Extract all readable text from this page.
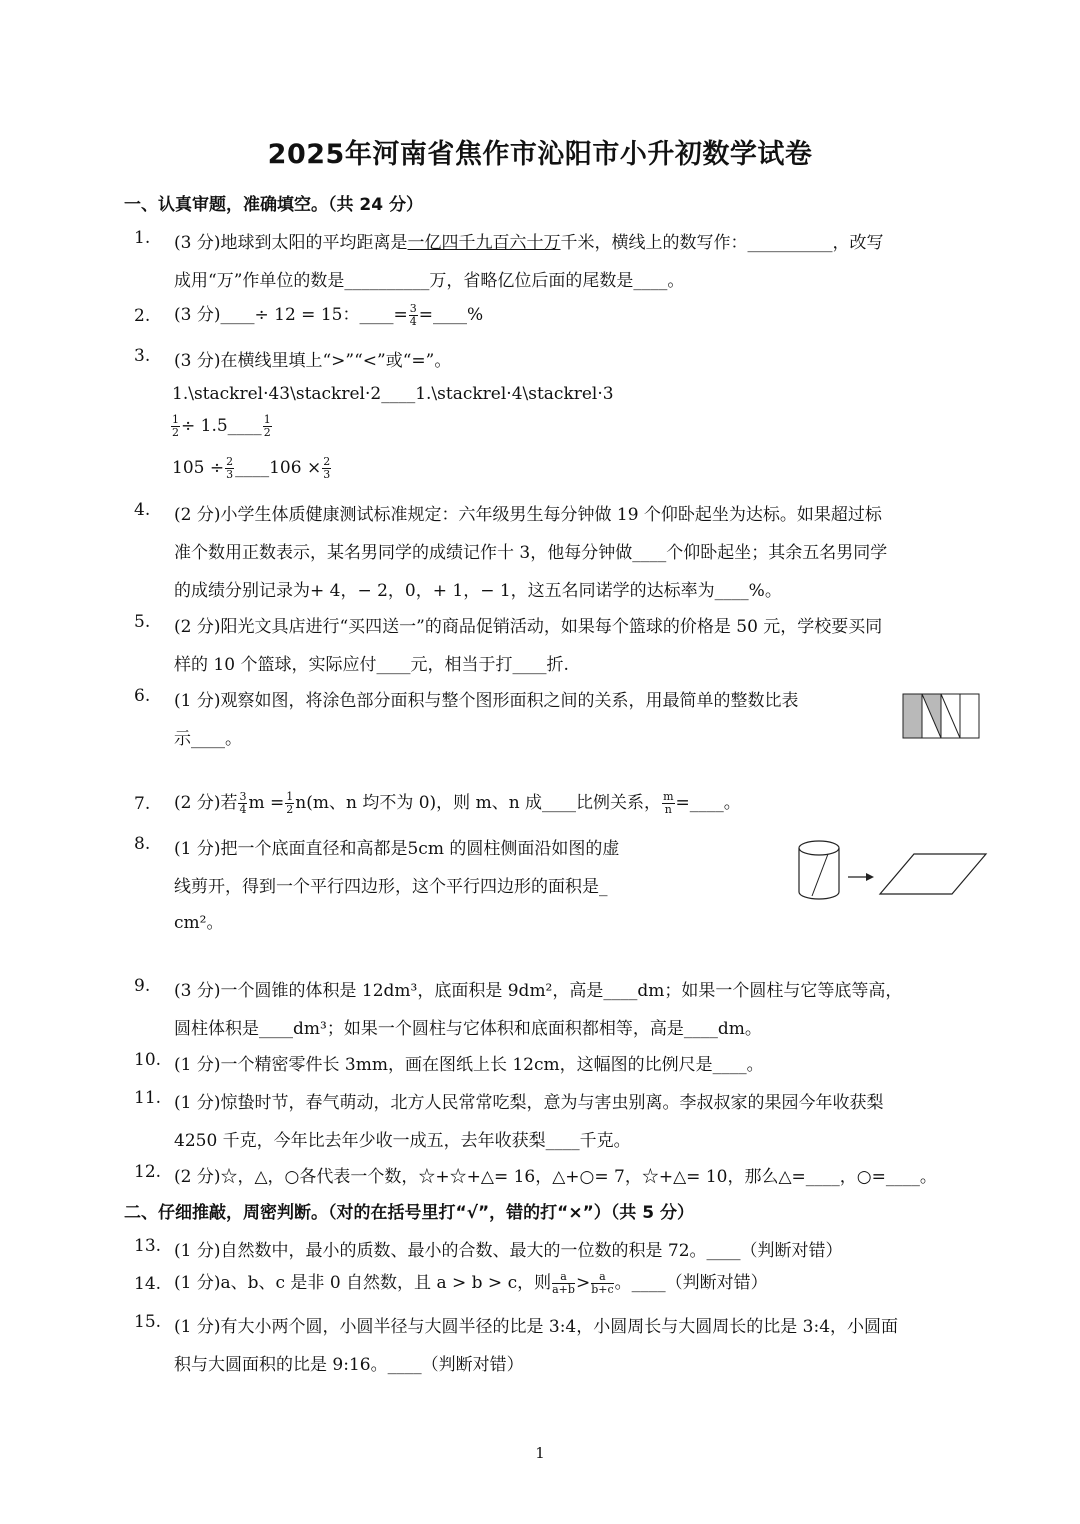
2025年河南省焦作市沁阳市小升初数学试卷
一、认真审题，准确填空。（共 24 分）
1. (3 分)地球到太阳的平均距离是一亿四千九百六十万千米，横线上的数写作：__________，改写
成用“万”作单位的数是__________万，省略亿位后面的尾数是____。
2. (3 分)____÷ 12 = 15：____= $\frac{3}{4}$ =____%
3. (3 分)在横线里填上“>”“<”或“=”。
1.\stackrel·43\stackrel·2____1.\stackrel·4\stackrel·3
$\frac{1}{2}$ ÷ 1.5____ $\frac{1}{2}$
$105 \div \frac{2}{3}$ ____106 × $\frac{2}{3}$
4. (2 分)小学生体质健康测试标准规定：六年级男生每分钟做 19 个仰卧起坐为达标。如果超过标
准个数用正数表示，某名男同学的成绩记作十 3，他每分钟做____个仰卧起坐；其余五名男同学
的成绩分别记录为+ 4，− 2，0，+ 1，− 1，这五名同诺学的达标率为____%。
5. (2 分)阳光文具店进行“买四送一”的商品促销活动，如果每个篮球的价格是 50 元，学校要买同
样的 10 个篮球，实际应付____元，相当于打____折.
6. (1 分)观察如图，将涂色部分面积与整个图形面积之间的关系，用最简单的整数比表
示____。
7. (2 分)若 $\frac{3}{4}$ $m = \frac{1}{2} n(m$、n 均不为 0)，则 m、n 成____比例关系， $\frac{m}{n}$ =____。
8. (1 分)把一个底面直径和高都是5cm 的圆柱侧面沿如图的虚
线剪开，得到一个平行四边形，这个平行四边形的面积是_
cm²。
9. (3 分)一个圆锥的体积是 12dm³，底面积是 9dm²，高是____dm；如果一个圆柱与它等底等高，
圆柱体积是____dm³；如果一个圆柱与它体积和底面积都相等，高是____dm。
10. (1 分)一个精密零件长 3mm，画在图纸上长 12cm，这幅图的比例尺是____。
11. (1 分)惊蛰时节，春气萌动，北方人民常常吃梨，意为与害虫别离。李叔叔家的果园今年收获梨
4250 千克，今年比去年少收一成五，去年收获梨____千克。
12. (2 分)☆，△，○各代表一个数，☆+☆+△= 16，△+○= 7，☆+△= 10，那么△=____，○=____。
二、仔细推敲，周密判断。（对的在括号里打“√”，错的打“×”）（共 5 分）
13. (1 分)自然数中，最小的质数、最小的合数、最大的一位数的积是 72。____（判断对错）
14. (1 分)a、b、c 是非 0 自然数，且 a > b > c，则 $\frac{a}{a+b} > \frac{a}{b+c}$ 。____（判断对错）
15. (1 分)有大小两个圆，小圆半径与大圆半径的比是 3:4，小圆周长与大圆周长的比是 3:4，小圆面
积与大圆面积的比是 9:16。____（判断对错）
1
